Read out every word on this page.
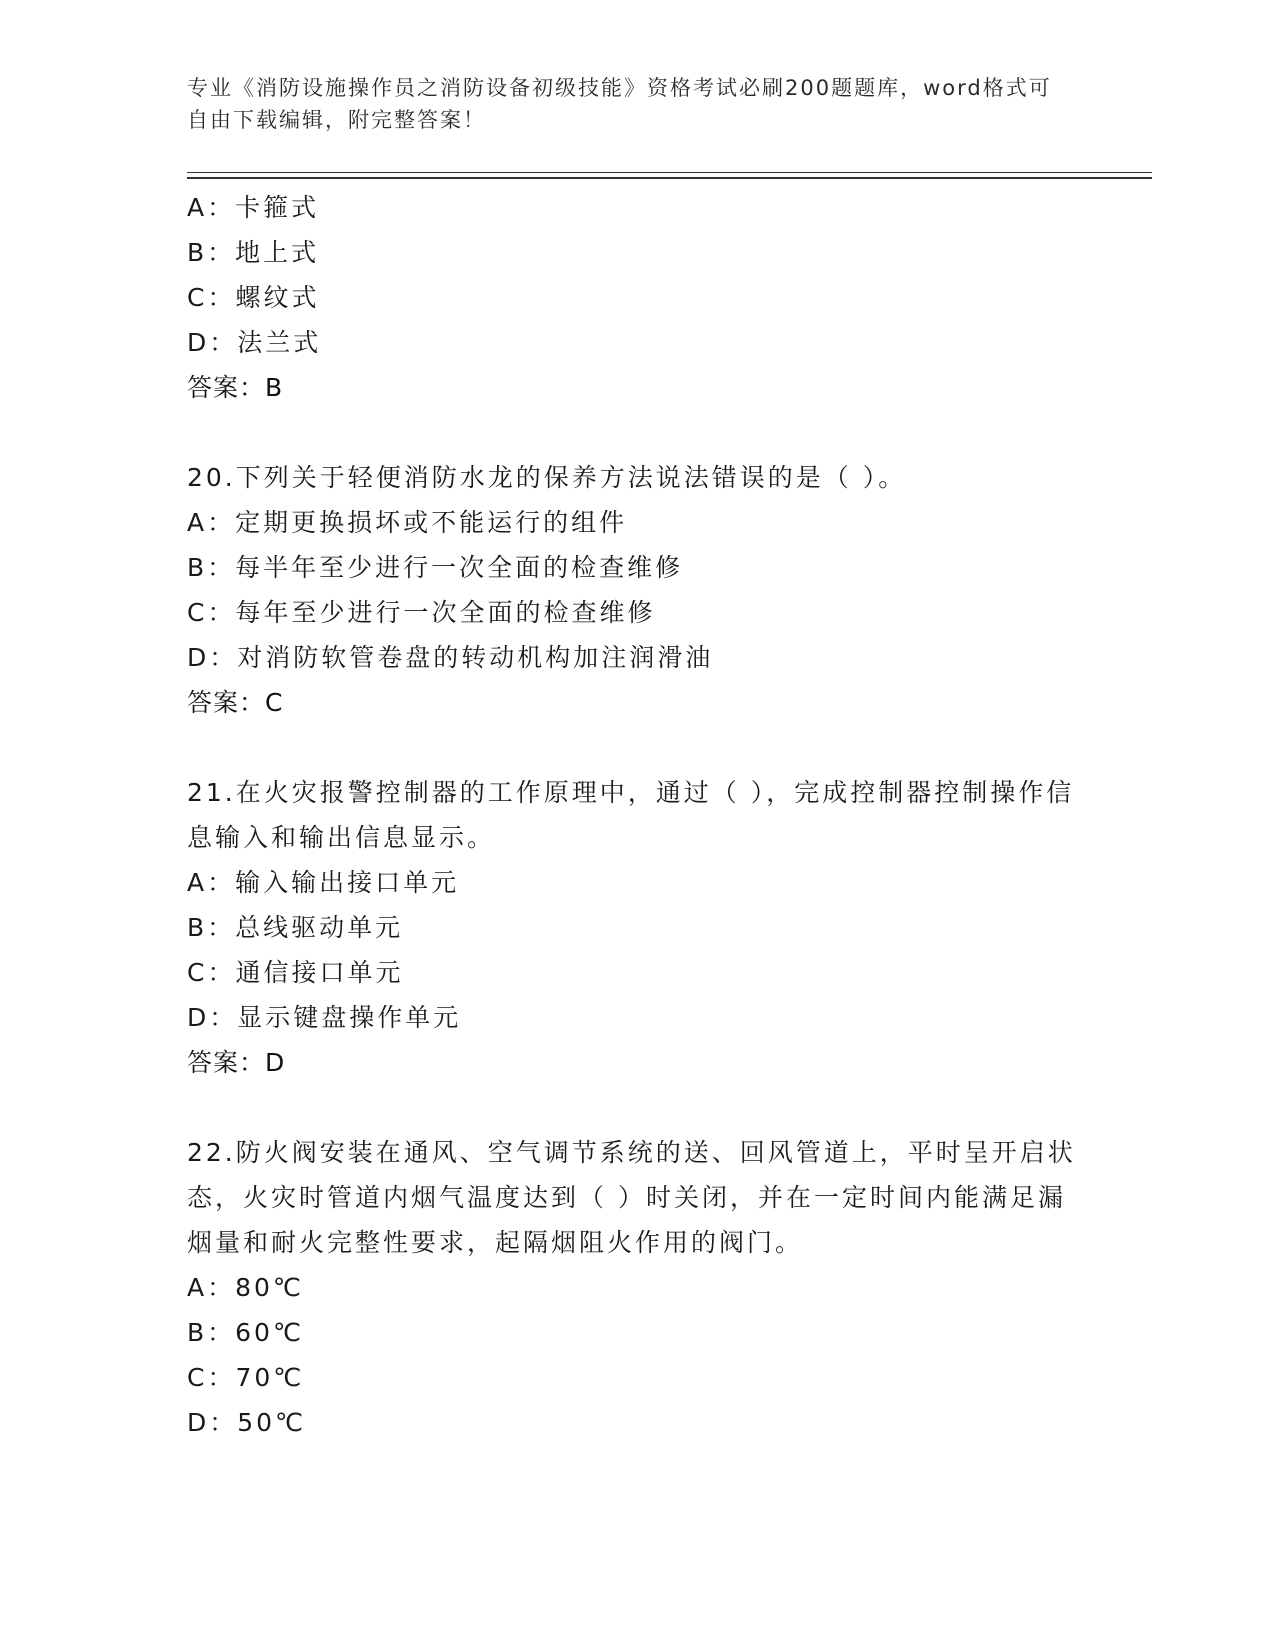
专业《消防设施操作员之消防设备初级技能》资格考试必刷200题题库，word格式可自由下载编辑，附完整答案！
A：卡箍式
B：地上式
C：螺纹式
D：法兰式
答案：B
20.下列关于轻便消防水龙的保养方法说法错误的是（ ）。
A：定期更换损坏或不能运行的组件
B：每半年至少进行一次全面的检查维修
C：每年至少进行一次全面的检查维修
D：对消防软管卷盘的转动机构加注润滑油
答案：C
21.在火灾报警控制器的工作原理中，通过（ ），完成控制器控制操作信息输入和输出信息显示。
A：输入输出接口单元
B：总线驱动单元
C：通信接口单元
D：显示键盘操作单元
答案：D
22.防火阀安装在通风、空气调节系统的送、回风管道上，平时呈开启状态，火灾时管道内烟气温度达到（ ）时关闭，并在一定时间内能满足漏烟量和耐火完整性要求，起隔烟阻火作用的阀门。
A：80℃
B：60℃
C：70℃
D：50℃
